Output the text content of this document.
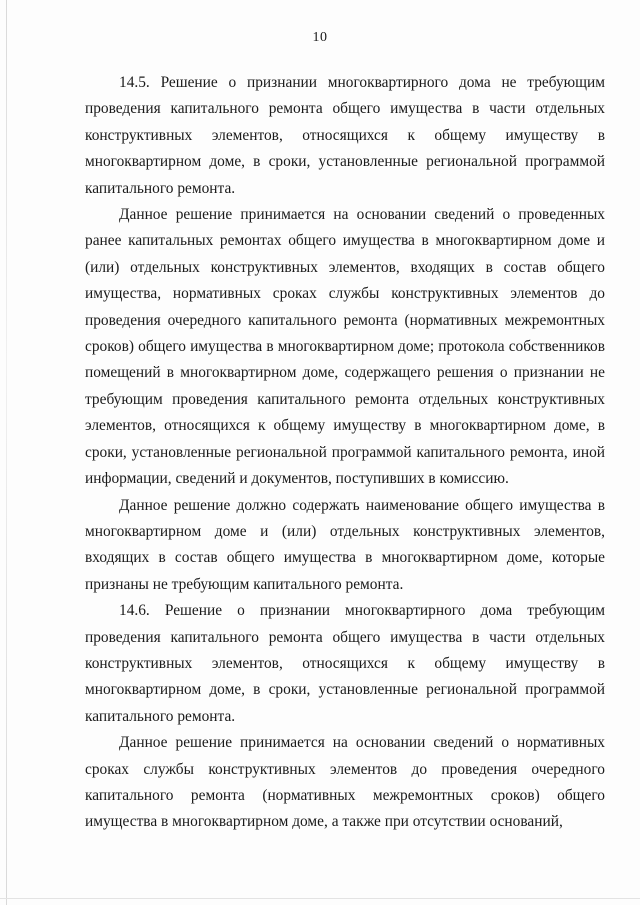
10

14.5. Решение о признании многоквартирного дома не требующим проведения капитального ремонта общего имущества в части отдельных конструктивных элементов, относящихся к общему имуществу в многоквартирном доме, в сроки, установленные региональной программой капитального ремонта.

Данное решение принимается на основании сведений о проведенных ранее капитальных ремонтах общего имущества в многоквартирном доме и (или) отдельных конструктивных элементов, входящих в состав общего имущества, нормативных сроках службы конструктивных элементов до проведения очередного капитального ремонта (нормативных межремонтных сроков) общего имущества в многоквартирном доме; протокола собственников помещений в многоквартирном доме, содержащего решения о признании не требующим проведения капитального ремонта отдельных конструктивных элементов, относящихся к общему имуществу в многоквартирном доме, в сроки, установленные региональной программой капитального ремонта, иной информации, сведений и документов, поступивших в комиссию.

Данное решение должно содержать наименование общего имущества в многоквартирном доме и (или) отдельных конструктивных элементов, входящих в состав общего имущества в многоквартирном доме, которые признаны не требующим капитального ремонта.

14.6. Решение о признании многоквартирного дома требующим проведения капитального ремонта общего имущества в части отдельных конструктивных элементов, относящихся к общему имуществу в многоквартирном доме, в сроки, установленные региональной программой капитального ремонта.

Данное решение принимается на основании сведений о нормативных сроках службы конструктивных элементов до проведения очередного капитального ремонта (нормативных межремонтных сроков) общего имущества в многоквартирном доме, а также при отсутствии оснований,
